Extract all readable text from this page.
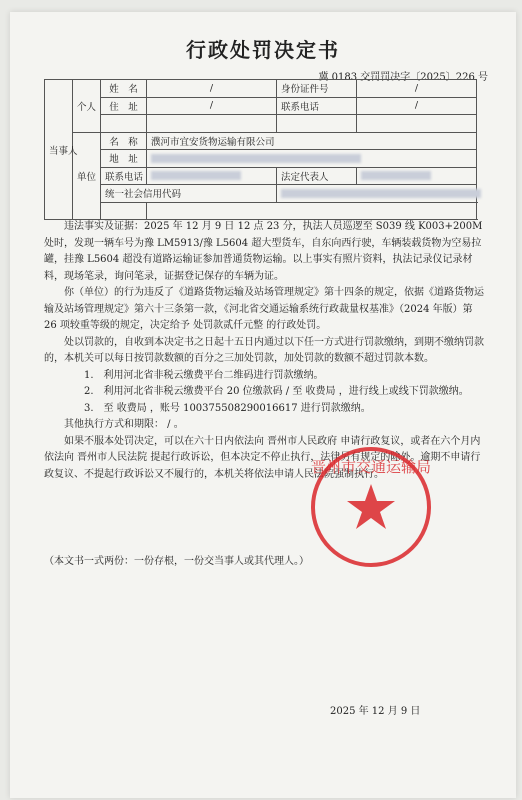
行政处罚决定书
冀 0183 交罚罚决字〔2025〕226 号
当事人	个人	姓　名	/	身份证件号	/
		住　址	/	联系电话	/

	单位	名　称	濮河市宜安货物运输有限公司		
		地　址			
		联系电话		法定代表人	
		统一社会信用代码			

违法事实及证据：2025 年 12 月 9 日 12 点 23 分，执法人员巡逻至 S039 线 K003+200M 处时，发现一辆车号为豫 LM5913/豫 L5604 超大型货车，自东向西行驶，车辆装载货物为空易拉罐，挂豫 L5604 超没有道路运输证参加普通货物运输。以上事实有照片资料，执法记录仪记录材料，现场笔录，询问笔录，证据登记保存的车辆为证。

你（单位）的行为违反了《道路货物运输及站场管理规定》第十四条的规定，依据《道路货物运输及站场管理规定》第六十三条第一款，《河北省交通运输系统行政裁量权基准》（2024 年版）第 26 项较重等级的规定，决定给予 处罚款贰仟元整 的行政处罚。

处以罚款的，自收到本决定书之日起十五日内通过以下任一方式进行罚款缴纳，到期不缴纳罚款的，本机关可以每日按罚款数额的百分之三加处罚款，加处罚款的数额不超过罚款本数。

1.　利用河北省非税云缴费平台二维码进行罚款缴纳。

2.　利用河北省非税云缴费平台 20 位缴款码 / 至 收费局 ，进行线上或线下罚款缴纳。

3.　至 收费局 ，账号 100375508290016617 进行罚款缴纳。

其他执行方式和期限： / 。

如果不服本处罚决定，可以在六十日内依法向 晋州市人民政府 申请行政复议，或者在六个月内依法向 晋州市人民法院 提起行政诉讼，但本决定不停止执行，法律另有规定的除外。逾期不申请行政复议、不提起行政诉讼又不履行的，本机关将依法申请人民法院强制执行。

晋州市交通运输局
（本文书一式两份：一份存根，一份交当事人或其代理人。）
2025 年 12 月 9 日
